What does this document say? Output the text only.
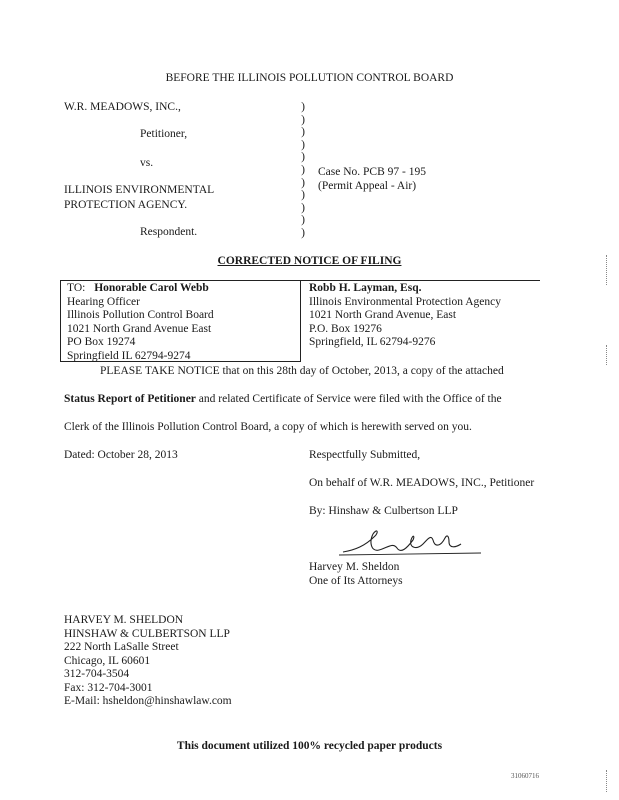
BEFORE THE ILLINOIS POLLUTION CONTROL BOARD
W.R. MEADOWS, INC.,
Petitioner,
vs.
ILLINOIS ENVIRONMENTAL
PROTECTION AGENCY.
Respondent.
)
)
)
)
)
)
)
)
)
)
)
Case No. PCB 97 - 195
(Permit Appeal - Air)
CORRECTED NOTICE OF FILING
TO: Honorable Carol Webb
Hearing Officer
Illinois Pollution Control Board
1021 North Grand Avenue East
PO Box 19274
Springfield IL 62794-9274
Robb H. Layman, Esq.
Illinois Environmental Protection Agency
1021 North Grand Avenue, East
P.O. Box 19276
Springfield, IL 62794-9276
PLEASE TAKE NOTICE that on this 28th day of October, 2013, a copy of the attached
Status Report of Petitioner and related Certificate of Service were filed with the Office of the
Clerk of the Illinois Pollution Control Board, a copy of which is herewith served on you.
Dated: October 28, 2013	Respectfully Submitted,
On behalf of W.R. MEADOWS, INC., Petitioner
By: Hinshaw & Culbertson LLP
Harvey M. Sheldon
One of Its Attorneys
HARVEY M. SHELDON
HINSHAW & CULBERTSON LLP
222 North LaSalle Street
Chicago, IL 60601
312-704-3504
Fax: 312-704-3001
E-Mail: hsheldon@hinshawlaw.com
This document utilized 100% recycled paper products
31060716
